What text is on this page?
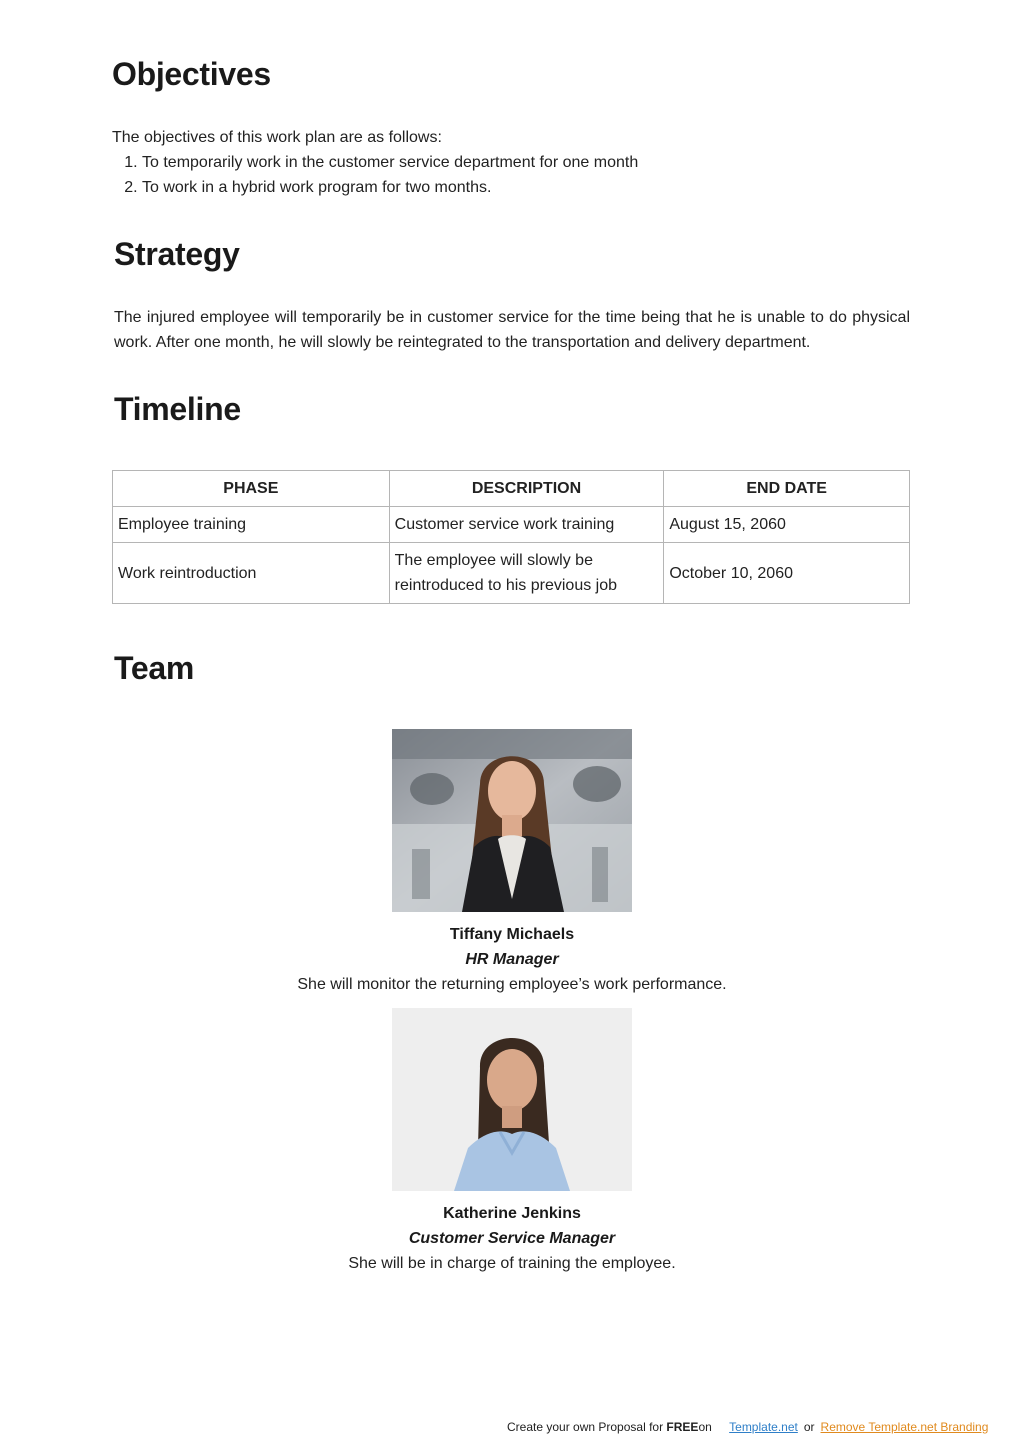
Objectives
The objectives of this work plan are as follows:
1. To temporarily work in the customer service department for one month
2. To work in a hybrid work program for two months.
Strategy
The injured employee will temporarily be in customer service for the time being that he is unable to do physical work. After one month, he will slowly be reintegrated to the transportation and delivery department.
Timeline
PHASE	DESCRIPTION	END DATE
Employee training	Customer service work training	August 15, 2060
Work reintroduction	The employee will slowly be reintroduced to his previous job	October 10, 2060
Team
Tiffany Michaels
HR Manager
She will monitor the returning employee’s work performance.
Katherine Jenkins
Customer Service Manager
She will be in charge of training the employee.
Create your own Proposal for FREEon Template.net or Remove Template.net Branding
